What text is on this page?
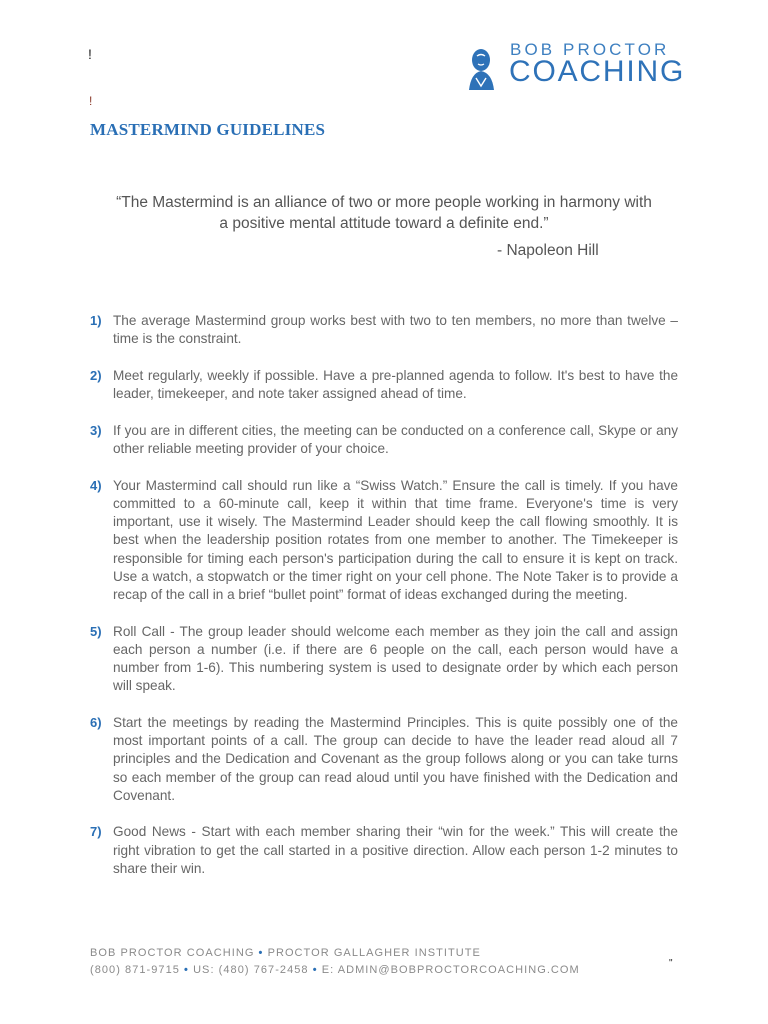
!
!
BOB PROCTOR
COACHING
MASTERMIND GUIDELINES
“The Mastermind is an alliance of two or more people working in harmony with a positive mental attitude toward a definite end.”
- Napoleon Hill
1) The average Mastermind group works best with two to ten members, no more than twelve – time is the constraint.

2) Meet regularly, weekly if possible. Have a pre-planned agenda to follow. It's best to have the leader, timekeeper, and note taker assigned ahead of time.

3) If you are in different cities, the meeting can be conducted on a conference call, Skype or any other reliable meeting provider of your choice.

4) Your Mastermind call should run like a “Swiss Watch.” Ensure the call is timely. If you have committed to a 60-minute call, keep it within that time frame. Everyone's time is very important, use it wisely. The Mastermind Leader should keep the call flowing smoothly. It is best when the leadership position rotates from one member to another. The Timekeeper is responsible for timing each person's participation during the call to ensure it is kept on track. Use a watch, a stopwatch or the timer right on your cell phone. The Note Taker is to provide a recap of the call in a brief “bullet point” format of ideas exchanged during the meeting.

5) Roll Call - The group leader should welcome each member as they join the call and assign each person a number (i.e. if there are 6 people on the call, each person would have a number from 1-6). This numbering system is used to designate order by which each person will speak.

6) Start the meetings by reading the Mastermind Principles. This is quite possibly one of the most important points of a call. The group can decide to have the leader read aloud all 7 principles and the Dedication and Covenant as the group follows along or you can take turns so each member of the group can read aloud until you have finished with the Dedication and Covenant.

7) Good News - Start with each member sharing their “win for the week.” This will create the right vibration to get the call started in a positive direction. Allow each person 1-2 minutes to share their win.

BOB PROCTOR COACHING • PROCTOR GALLAGHER INSTITUTE
(800) 871-9715 • US: (480) 767-2458 • E: ADMIN@BOBPROCTORCOACHING.COM
"
